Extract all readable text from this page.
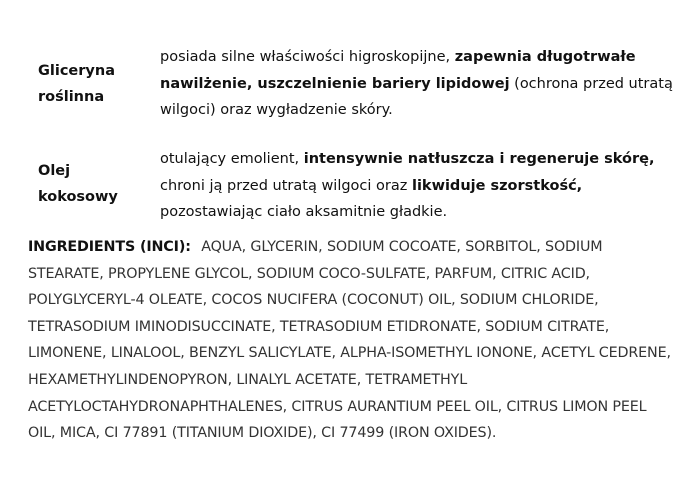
Gliceryna roślinna
posiada silne właściwości higroskopijne, zapewnia długotrwałe nawilżenie, uszczelnienie bariery lipidowej (ochrona przed utratą wilgoci) oraz wygładzenie skóry.
Olej kokosowy
otulający emolient, intensywnie natłuszcza i regeneruje skórę, chroni ją przed utratą wilgoci oraz likwiduje szorstkość, pozostawiając ciało aksamitnie gładkie.
INGREDIENTS (INCI): AQUA, GLYCERIN, SODIUM COCOATE, SORBITOL, SODIUM STEARATE, PROPYLENE GLYCOL, SODIUM COCO-SULFATE, PARFUM, CITRIC ACID, POLYGLYCERYL-4 OLEATE, COCOS NUCIFERA (COCONUT) OIL, SODIUM CHLORIDE, TETRASODIUM IMINODISUCCINATE, TETRASODIUM ETIDRONATE, SODIUM CITRATE, LIMONENE, LINALOOL, BENZYL SALICYLATE, ALPHA-ISOMETHYL IONONE, ACETYL CEDRENE, HEXAMETHYLINDENOPYRON, LINALYL ACETATE, TETRAMETHYL ACETYLOCTAHYDRONAPHTHALENES, CITRUS AURANTIUM PEEL OIL, CITRUS LIMON PEEL OIL, MICA, CI 77891 (TITANIUM DIOXIDE), CI 77499 (IRON OXIDES).
